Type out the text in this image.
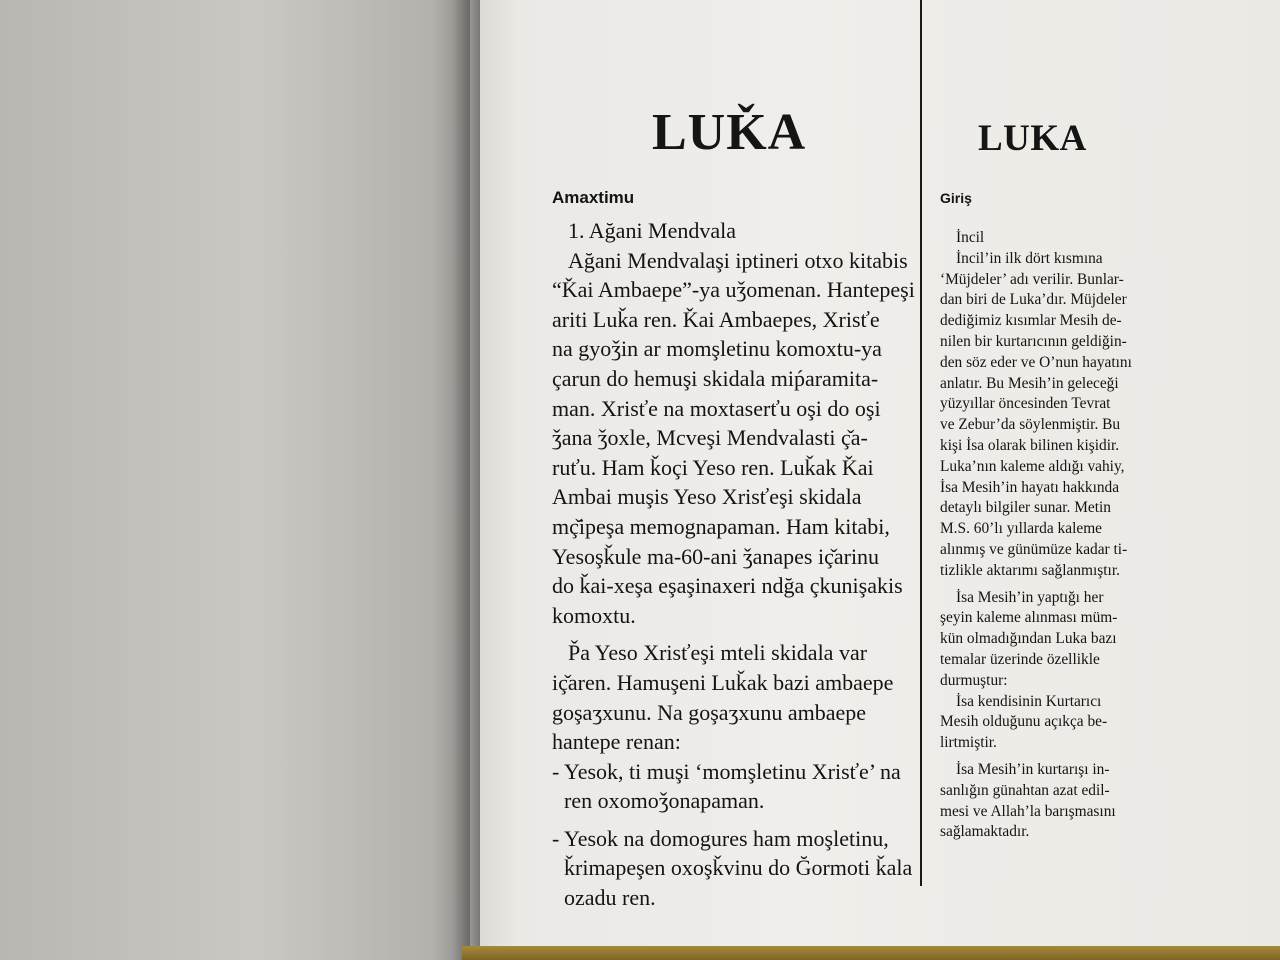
LUǨA	LUKA
Amaxtimu
1. Ağani Mendvala
Ağani Mendvalaşi iptineri otxo kitabis
“Ǩai Ambaepe”-ya uǯomenan. Hantepeşi
ariti Luǩa ren. Ǩai Ambaepes, Xrisťe
na gyoǯin ar momşletinu komoxtu-ya
çarun do hemuşi skidala miṕaramita-
man. Xrisťe na moxtaserťu oşi do oşi
ǯana ǯoxle, Mcveşi Mendvalasti ç̌a-
ruťu. Ham ǩoçi Yeso ren. Luǩak Ǩai
Ambai muşis Yeso Xrisťeşi skidala
mç̌ipeşa memognapaman. Ham kitabi,
Yesoşǩule ma-60-ani ǯanapes iç̌arinu
do ǩai-xeşa eşaşinaxeri ndğa çkunişakis
komoxtu.
P̌a Yeso Xrisťeşi mteli skidala var
iç̌aren. Hamuşeni Luǩak bazi ambaepe
goşaʒxunu. Na goşaʒxunu ambaepe
hantepe renan:
- Yesok, ti muşi ‘momşletinu Xrisťe’ na
ren oxomoǯonapaman.
- Yesok na domogures ham moşletinu,
ǩrimapeşen oxoşǩvinu do Ğormoti ǩala
ozadu ren.
Giriş
İncil
İncil’in ilk dört kısmına
‘Müjdeler’ adı verilir. Bunlar-
dan biri de Luka’dır. Müjdeler
dediğimiz kısımlar Mesih de-
nilen bir kurtarıcının geldiğin-
den söz eder ve O’nun hayatını
anlatır. Bu Mesih’in geleceği
yüzyıllar öncesinden Tevrat
ve Zebur’da söylenmiştir. Bu
kişi İsa olarak bilinen kişidir.
Luka’nın kaleme aldığı vahiy,
İsa Mesih’in hayatı hakkında
detaylı bilgiler sunar. Metin
M.S. 60’lı yıllarda kaleme
alınmış ve günümüze kadar ti-
tizlikle aktarımı sağlanmıştır.
İsa Mesih’in yaptığı her
şeyin kaleme alınması müm-
kün olmadığından Luka bazı
temalar üzerinde özellikle
durmuştur:
İsa kendisinin Kurtarıcı
Mesih olduğunu açıkça be-
lirtmiştir.
İsa Mesih’in kurtarışı in-
sanlığın günahtan azat edil-
mesi ve Allah’la barışmasını
sağlamaktadır.
